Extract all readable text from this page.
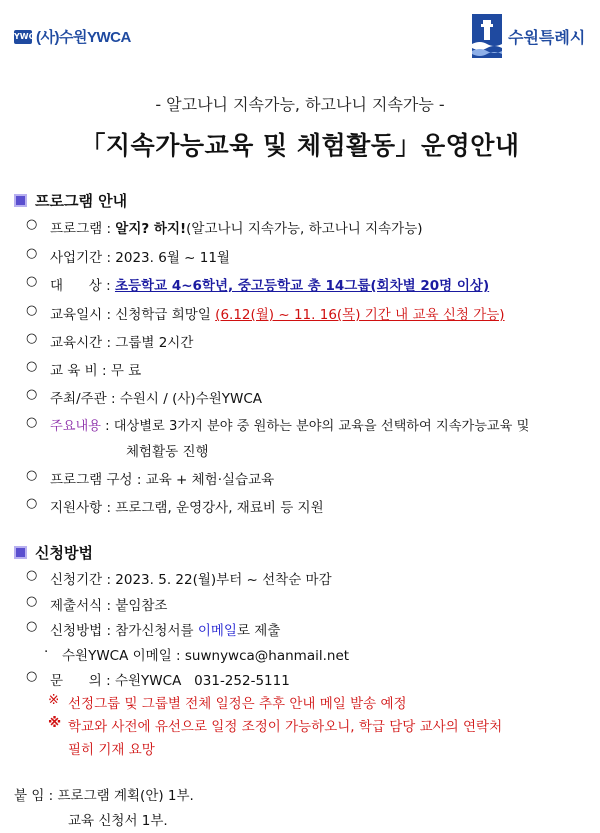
YWCA
(사)수원YWCA	수원특례시
- 알고나니 지속가능, 하고나니 지속가능 -
「지속가능교육 및 체험활동」운영안내
프로그램 안내
○ 프로그램 : 알지? 하지! (알고나니 지속가능, 하고나니 지속가능)
○ 사업기간 : 2023. 6월 ~ 11월
○ 대      상 : 초등학교 4~6학년, 중고등학교 총 14그룹(회차별 20명 이상)
○ 교육일시 : 신청학급 희망일 (6.12(월) ~ 11. 16(목) 기간 내 교육 신청 가능)
○ 교육시간 : 그룹별 2시간
○ 교 육 비 : 무 료
○ 주최/주관 : 수원시 / (사)수원YWCA
○ 주요내용 : 대상별로 3가지 분야 중 원하는 분야의 교육을 선택하여 지속가능교육 및
체험활동 진행
○ 프로그램 구성 : 교육 + 체험·실습교육
○ 지원사항 : 프로그램, 운영강사, 재료비 등 지원
신청방법
○ 신청기간 : 2023. 5. 22(월)부터 ~ 선착순 마감
○ 제출서식 : 붙임참조
○ 신청방법 : 참가신청서를 이메일 로 제출
·	수원YWCA 이메일 : suwnywca@hanmail.net
○ 문      의 : 수원YWCA   031-252-5111
※ 선정그룹 및 그룹별 전체 일정은 추후 안내 메일 발송 예정
※ 학교와 사전에 유선으로 일정 조정이 가능하오니, 학급 담당 교사의 연락처
필히 기재 요망
붙 임 : 프로그램 계획(안) 1부.
교육 신청서 1부.
